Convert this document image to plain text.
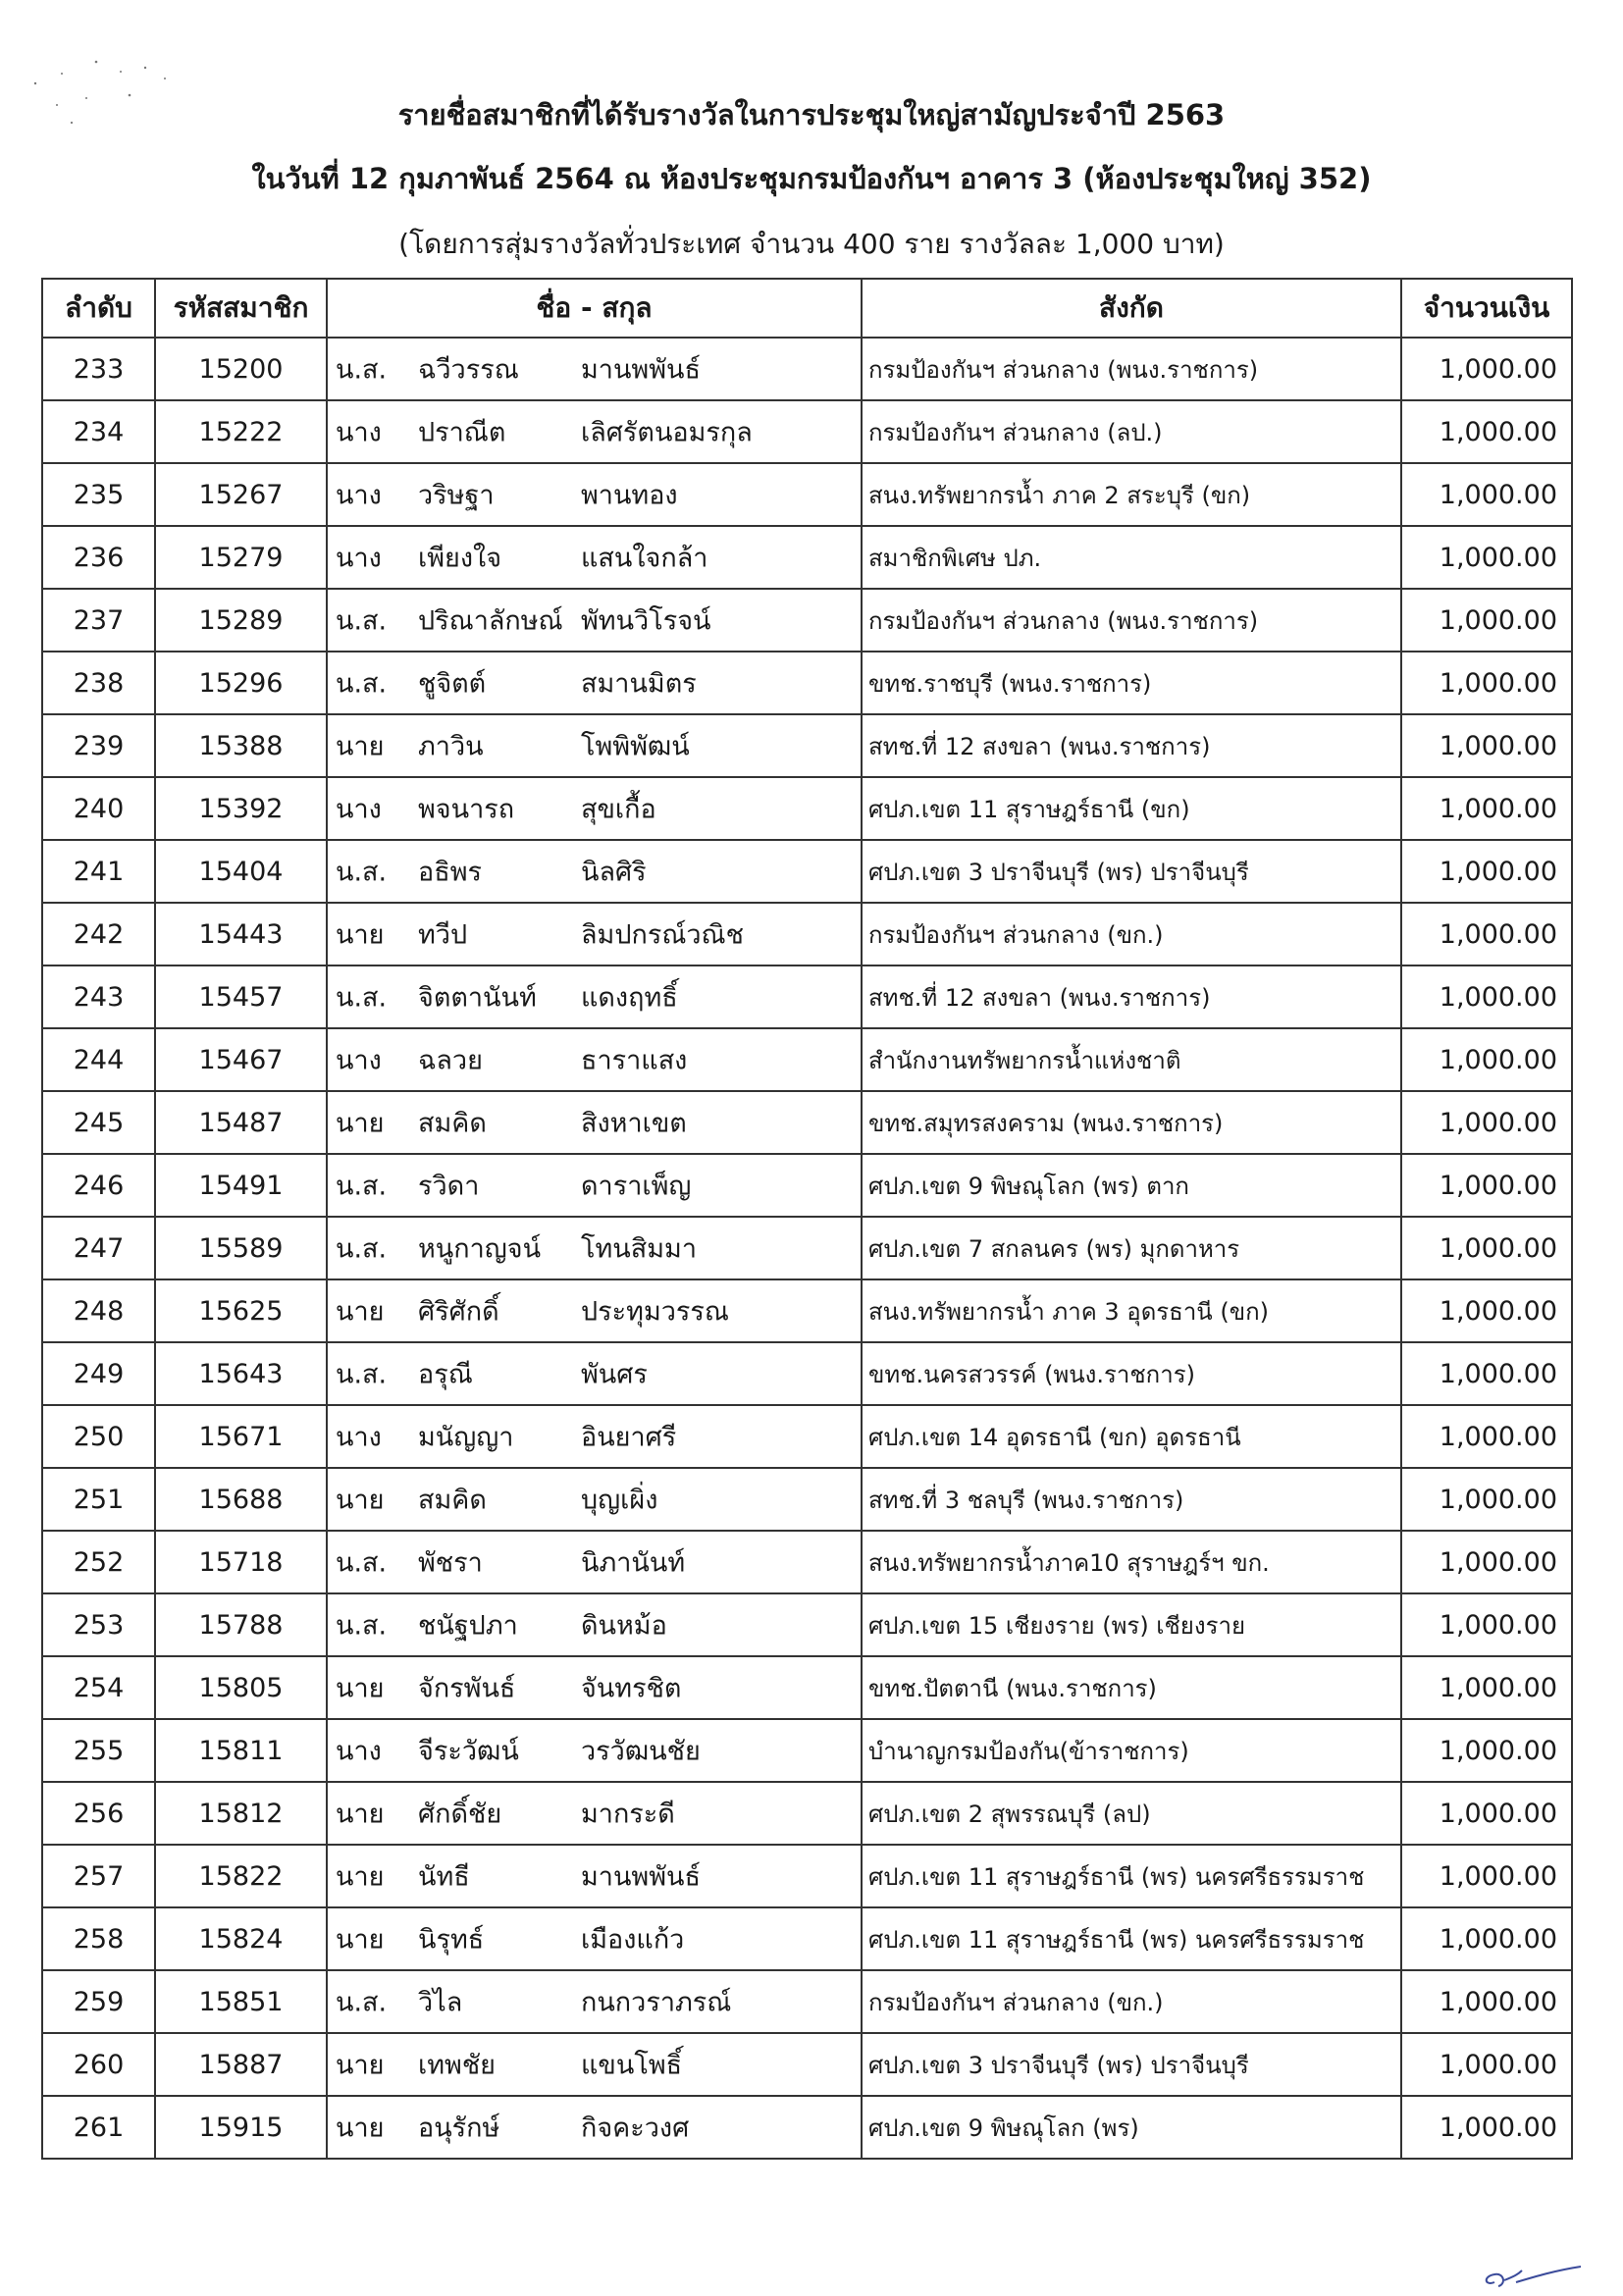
รายชื่อสมาชิกที่ได้รับรางวัลในการประชุมใหญ่สามัญประจำปี 2563
ในวันที่ 12 กุมภาพันธ์ 2564 ณ ห้องประชุมกรมป้องกันฯ อาคาร 3 (ห้องประชุมใหญ่ 352)
(โดยการสุ่มรางวัลทั่วประเทศ จำนวน 400 ราย รางวัลละ 1,000 บาท)
ลำดับ	รหัสสมาชิก	ชื่อ - สกุล	สังกัด	จำนวนเงิน
233	15200	น.ส. ฉวีวรรณ มานพพันธ์	กรมป้องกันฯ ส่วนกลาง (พนง.ราชการ)	1,000.00
234	15222	นาง ปราณีต เลิศรัตนอมรกุล	กรมป้องกันฯ ส่วนกลาง (ลป.)	1,000.00
235	15267	นาง วริษฐา พานทอง	สนง.ทรัพยากรน้ำ ภาค 2 สระบุรี (ขก)	1,000.00
236	15279	นาง เพียงใจ แสนใจกล้า	สมาชิกพิเศษ ปภ.	1,000.00
237	15289	น.ส. ปริณาลักษณ์ พัทนวิโรจน์	กรมป้องกันฯ ส่วนกลาง (พนง.ราชการ)	1,000.00
238	15296	น.ส. ชูจิตต์ สมานมิตร	ขทช.ราชบุรี (พนง.ราชการ)	1,000.00
239	15388	นาย ภาวิน โพพิพัฒน์	สทช.ที่ 12 สงขลา (พนง.ราชการ)	1,000.00
240	15392	นาง พจนารถ สุขเกื้อ	ศปภ.เขต 11 สุราษฎร์ธานี (ขก)	1,000.00
241	15404	น.ส. อธิพร นิลศิริ	ศปภ.เขต 3 ปราจีนบุรี (พร) ปราจีนบุรี	1,000.00
242	15443	นาย ทวีป ลิมปกรณ์วณิช	กรมป้องกันฯ ส่วนกลาง (ขก.)	1,000.00
243	15457	น.ส. จิตตานันท์ แดงฤทธิ์	สทช.ที่ 12 สงขลา (พนง.ราชการ)	1,000.00
244	15467	นาง ฉลวย ธาราแสง	สำนักงานทรัพยากรน้ำแห่งชาติ	1,000.00
245	15487	นาย สมคิด สิงหาเขต	ขทช.สมุทรสงคราม (พนง.ราชการ)	1,000.00
246	15491	น.ส. รวิดา ดาราเพ็ญ	ศปภ.เขต 9 พิษณุโลก (พร) ตาก	1,000.00
247	15589	น.ส. หนูกาญจน์ โทนสิมมา	ศปภ.เขต 7 สกลนคร (พร) มุกดาหาร	1,000.00
248	15625	นาย ศิริศักดิ์ ประทุมวรรณ	สนง.ทรัพยากรน้ำ ภาค 3 อุดรธานี (ขก)	1,000.00
249	15643	น.ส. อรุณี พันศร	ขทช.นครสวรรค์ (พนง.ราชการ)	1,000.00
250	15671	นาง มนัญญา อินยาศรี	ศปภ.เขต 14 อุดรธานี (ขก) อุดรธานี	1,000.00
251	15688	นาย สมคิด บุญเผิ่ง	สทช.ที่ 3 ชลบุรี (พนง.ราชการ)	1,000.00
252	15718	น.ส. พัชรา นิภานันท์	สนง.ทรัพยากรน้ำภาค10 สุราษฎร์ฯ ขก.	1,000.00
253	15788	น.ส. ชนัฐปภา ดินหม้อ	ศปภ.เขต 15 เชียงราย (พร) เชียงราย	1,000.00
254	15805	นาย จักรพันธ์ จันทรชิต	ขทช.ปัตตานี (พนง.ราชการ)	1,000.00
255	15811	นาง จีระวัฒน์ วรวัฒนชัย	บำนาญกรมป้องกัน(ข้าราชการ)	1,000.00
256	15812	นาย ศักดิ์ชัย มากระดี	ศปภ.เขต 2 สุพรรณบุรี (ลป)	1,000.00
257	15822	นาย นัทธี มานพพันธ์	ศปภ.เขต 11 สุราษฎร์ธานี (พร) นครศรีธรรมราช	1,000.00
258	15824	นาย นิรุทธ์ เมืองแก้ว	ศปภ.เขต 11 สุราษฎร์ธานี (พร) นครศรีธรรมราช	1,000.00
259	15851	น.ส. วิไล กนกวราภรณ์	กรมป้องกันฯ ส่วนกลาง (ขก.)	1,000.00
260	15887	นาย เทพชัย แขนโพธิ์	ศปภ.เขต 3 ปราจีนบุรี (พร) ปราจีนบุรี	1,000.00
261	15915	นาย อนุรักษ์ กิจคะวงศ	ศปภ.เขต 9 พิษณุโลก (พร)	1,000.00
